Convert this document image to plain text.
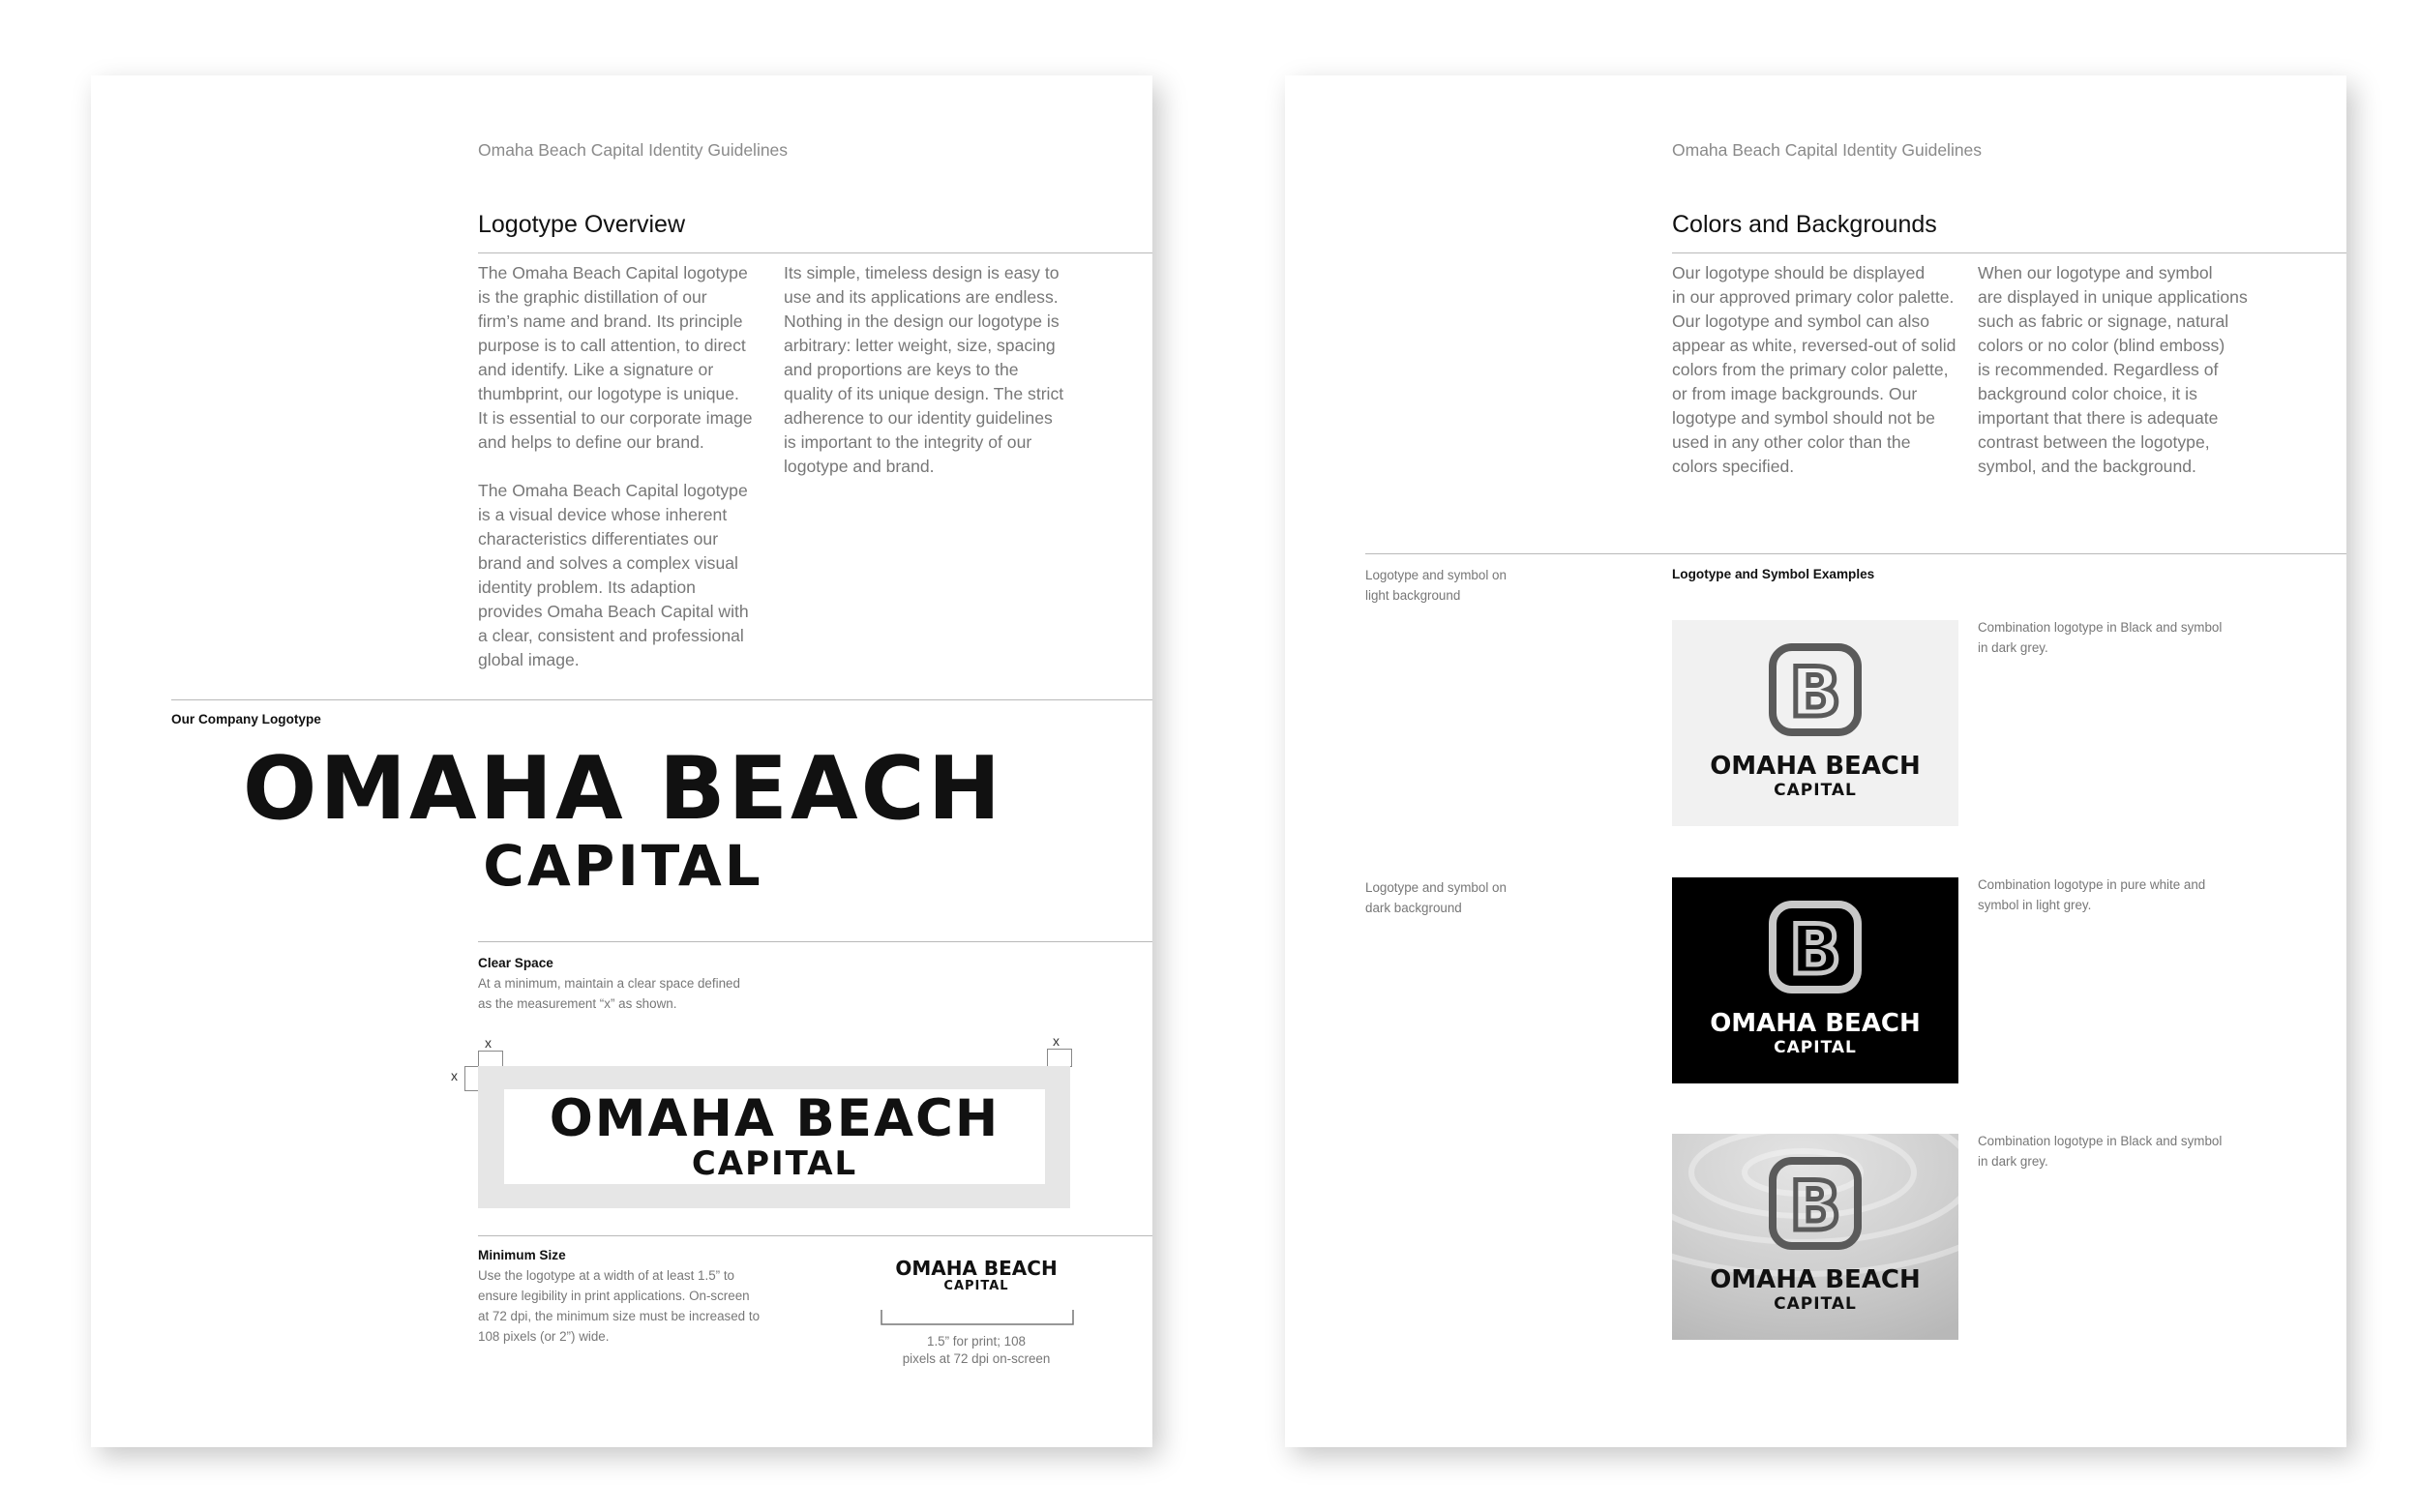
Omaha Beach Capital Identity Guidelines
Logotype Overview

The Omaha Beach Capital logotype
is the graphic distillation of our
firm’s name and brand. Its principle
purpose is to call attention, to direct
and identify. Like a signature or
thumbprint, our logotype is unique.
It is essential to our corporate image
and helps to define our brand.

The Omaha Beach Capital logotype
is a visual device whose inherent
characteristics differentiates our
brand and solves a complex visual
identity problem. Its adaption
provides Omaha Beach Capital with
a clear, consistent and professional
global image.

Its simple, timeless design is easy to
use and its applications are endless.
Nothing in the design our logotype is
arbitrary: letter weight, size, spacing
and proportions are keys to the
quality of its unique design. The strict
adherence to our identity guidelines
is important to the integrity of our
logotype and brand.

Our Company Logotype
OMAHA BEACH
CAPITAL
Clear Space

At a minimum, maintain a clear space defined
as the measurement “x” as shown.

x	x
x
OMAHA BEACH
CAPITAL
Minimum Size

Use the logotype at a width of at least 1.5” to
ensure legibility in print applications. On-screen
at 72 dpi, the minimum size must be increased to
108 pixels (or 2”) wide.

OMAHA BEACH
CAPITAL

1.5” for print; 108
pixels at 72 dpi on-screen

Omaha Beach Capital Identity Guidelines
Colors and Backgrounds

Our logotype should be displayed
in our approved primary color palette.
Our logotype and symbol can also
appear as white, reversed-out of solid
colors from the primary color palette,
or from image backgrounds. Our
logotype and symbol should not be
used in any other color than the
colors specified.

When our logotype and symbol
are displayed in unique applications
such as fabric or signage, natural
colors or no color (blind emboss)
is recommended. Regardless of
background color choice, it is
important that there is adequate
contrast between the logotype,
symbol, and the background.

Logotype and Symbol Examples

Logotype and symbol on
light background

B
OMAHA BEACH
CAPITAL

Combination logotype in Black and symbol
in dark grey.

Logotype and symbol on
dark background

B
OMAHA BEACH
CAPITAL

Combination logotype in pure white and
symbol in light grey.

B
OMAHA BEACH
CAPITAL

Combination logotype in Black and symbol
in dark grey.
